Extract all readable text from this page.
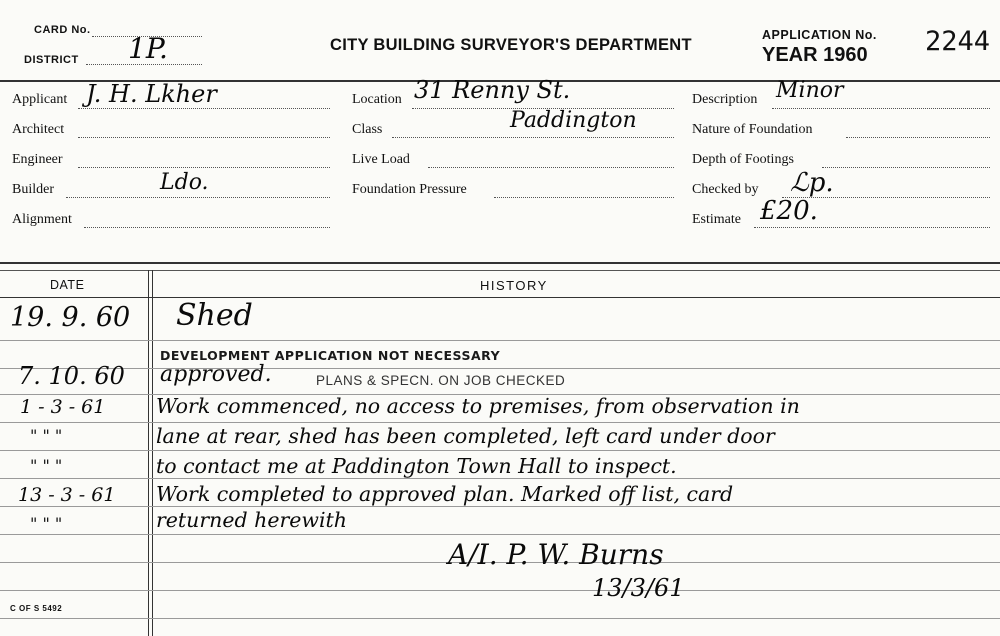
CARD No.
DISTRICT 1P.	CITY BUILDING SURVEYOR'S DEPARTMENT
APPLICATION No.
YEAR 1960 2244
Applicant J. H. Lkher
Architect
Engineer
Builder	Ldo.
Alignment
Location 31 Renny St.
Class	Paddington
Live Load
Foundation Pressure
Description Minor
Nature of Foundation
Depth of Footings
Checked by ℒp.
Estimate £20.
DATE	HISTORY
19. 9. 60 Shed
DEVELOPMENT APPLICATION NOT NECESSARY
7. 10. 60 approved.	PLANS & SPECN. ON JOB CHECKED
1 - 3 - 61 Work commenced, no access to premises, from observation in
" " "	lane at rear, shed has been completed, left card under door
" " "	to contact me at Paddington Town Hall to inspect.
13 - 3 - 61 Work completed to approved plan. Marked off list, card
" " "	returned herewith
A/I. P. W. Burns
13/3/61
C OF S 5492
